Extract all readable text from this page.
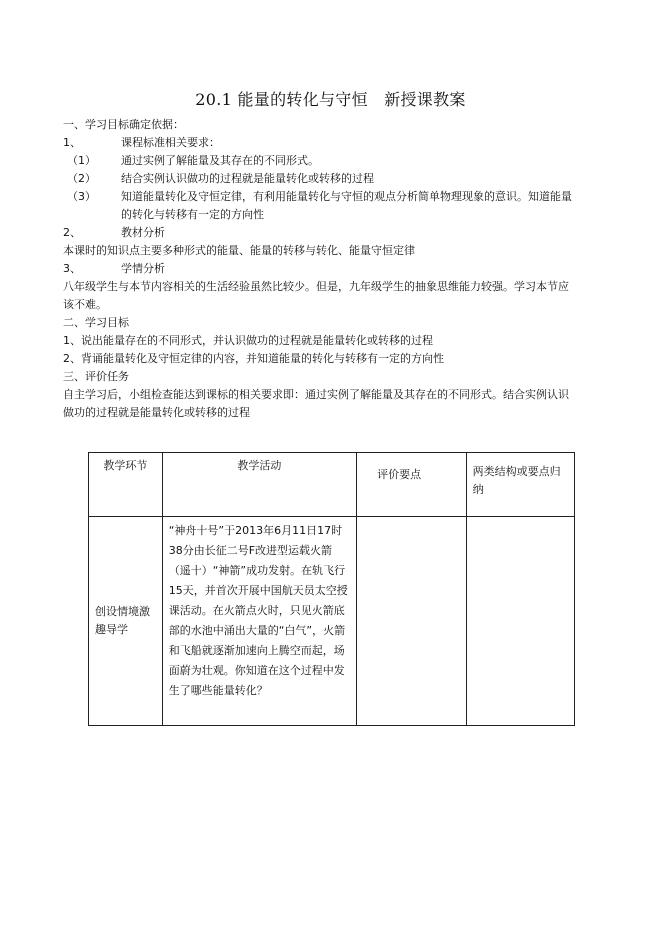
20.1 能量的转化与守恒　新授课教案
一、学习目标确定依据：
1、	课程标准相关要求：
（1） 通过实例了解能量及其存在的不同形式。
（2） 结合实例认识做功的过程就是能量转化或转移的过程
（3） 知道能量转化及守恒定律，有利用能量转化与守恒的观点分析简单物理现象的意识。知道能量
的转化与转移有一定的方向性
2、	教材分析
本课时的知识点主要多种形式的能量、能量的转移与转化、能量守恒定律
3、	学情分析
八年级学生与本节内容相关的生活经验虽然比较少。但是，九年级学生的抽象思维能力较强。学习本节应
该不难。
二、学习目标
1、说出能量存在的不同形式，并认识做功的过程就是能量转化或转移的过程
2、背诵能量转化及守恒定律的内容，并知道能量的转化与转移有一定的方向性
三、评价任务
自主学习后，小组检查能达到课标的相关要求即：通过实例了解能量及其存在的不同形式。结合实例认识
做功的过程就是能量转化或转移的过程
教学环节	教学活动	评价要点	两类结构或要点归纳

创设情境激趣导学	“神舟十号”于2013年6月11日17时38分由长征二号F改进型运载火箭（遥十）“神箭”成功发射。在轨飞行15天，并首次开展中国航天员太空授课活动。在火箭点火时，只见火箭底部的水池中涌出大量的“白气”，火箭和飞船就逐渐加速向上腾空而起，场面蔚为壮观。你知道在这个过程中发生了哪些能量转化？		
